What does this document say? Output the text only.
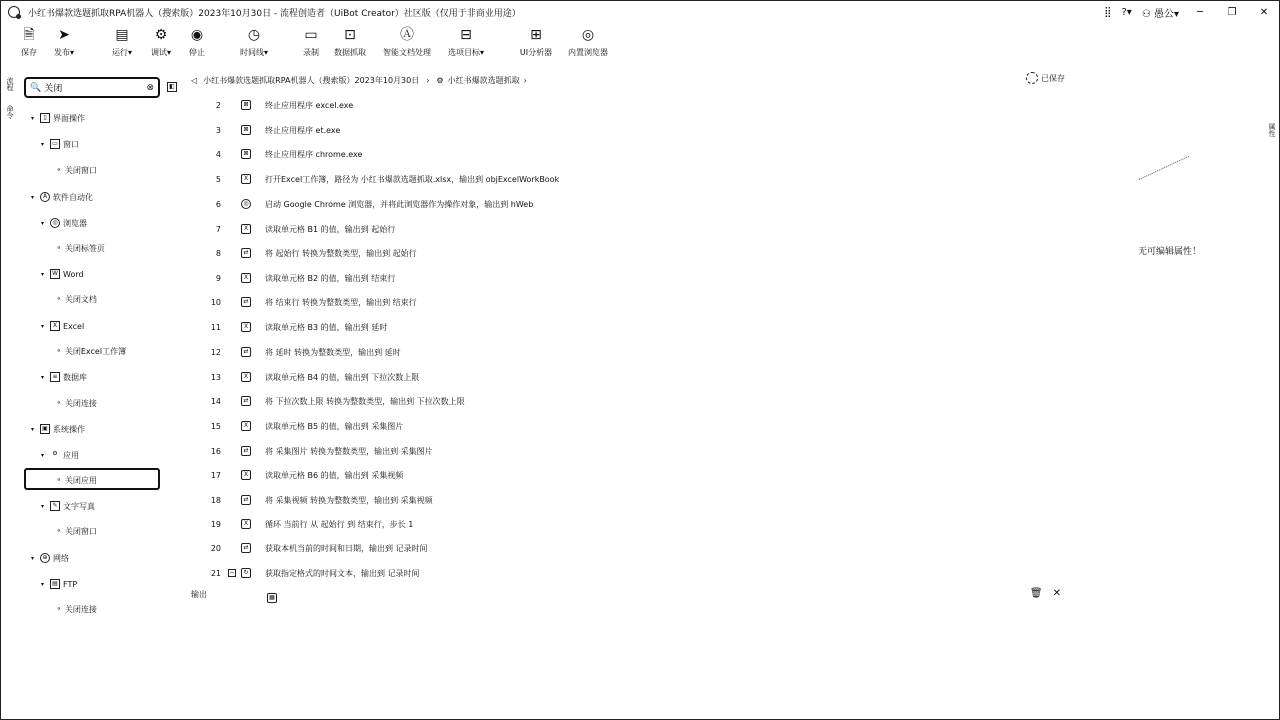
小红书爆款选题抓取RPA机器人（搜索版）2023年10月30日 - 流程创造者（UiBot Creator）社区版（仅用于非商业用途）	⣿ ?▾ ⚇ 愚公▾	─	❐	✕
🗎
保存
➤
发布▾
▤
运行▾
⚙
调试▾
◉
停止
◷
时间线▾
▭
录制
⊡
数据抓取
Ⓐ
智能文档处理
⊟
选项目标▾
⊞
UI分析器
◎
内置浏览器
流程
命令
🔍
关闭	⊗	◧
▾	▯ 界面操作
▾	▭ 窗口
⚬ 关闭窗口
▾	A 软件自动化
▾	◎ 浏览器
⚬ 关闭标签页
▾	W Word
⚬ 关闭文档
▾	X Excel
⚬ 关闭Excel工作簿
▾	≡ 数据库
⚬ 关闭连接
▾	▣ 系统操作
▾	⚙ 应用
⚬ 关闭应用
▾	✎ 文字写真
⚬ 关闭窗口
▾	⊕ 网络
▾	▤ FTP
⚬ 关闭连接
◁ 小红书爆款选题抓取RPA机器人（搜索版）2023年10月30日 › ⚙ 小红书爆款选题抓取 ›	已保存
2	⊠	终止应用程序 excel.exe
3	⊠	终止应用程序 et.exe
4	⊠	终止应用程序 chrome.exe
5	X	打开Excel工作簿，路径为 小红书爆款选题抓取.xlsx，输出到 objExcelWorkBook
6	◎ 启动 Google Chrome 浏览器，并将此浏览器作为操作对象，输出到 hWeb
7	X	读取单元格 B1 的值，输出到 起始行
8	⇄	将 起始行 转换为整数类型，输出到 起始行
9	X	读取单元格 B2 的值，输出到 结束行
10	⇄	将 结束行 转换为整数类型，输出到 结束行
11	X	读取单元格 B3 的值，输出到 延时
12	⇄	将 延时 转换为整数类型，输出到 延时
13	X	读取单元格 B4 的值，输出到 下拉次数上限
14	⇄	将 下拉次数上限 转换为整数类型，输出到 下拉次数上限
15	X	读取单元格 B5 的值，输出到 采集图片
16	⇄	将 采集图片 转换为整数类型，输出到 采集图片
17	X	读取单元格 B6 的值，输出到 采集视频
18	⇄	将 采集视频 转换为整数类型，输出到 采集视频
19	X	循环 当前行 从 起始行 到 结束行，步长 1
20	⇄	获取本机当前的时间和日期，输出到 记录时间
21	−	↻	获取指定格式的时间文本，输出到 记录时间
▦
输出	🗑 ✕
属性
无可编辑属性！
